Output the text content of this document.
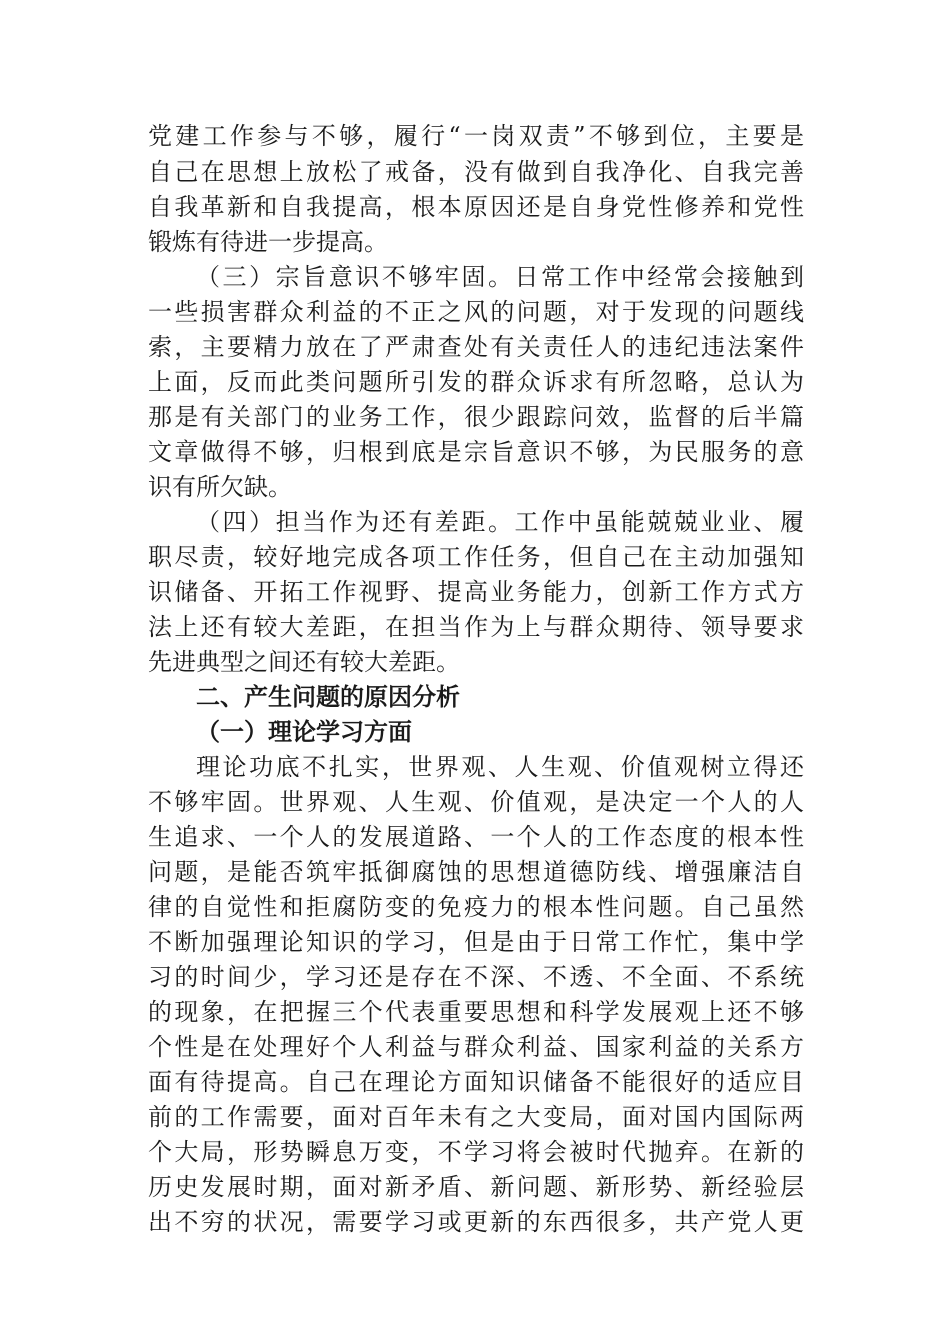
党建工作参与不够，履行“一岗双责”不够到位，主要是
自己在思想上放松了戒备，没有做到自我净化、自我完善
自我革新和自我提高，根本原因还是自身党性修养和党性
锻炼有待进一步提高。
（三）宗旨意识不够牢固。日常工作中经常会接触到
一些损害群众利益的不正之风的问题，对于发现的问题线
索，主要精力放在了严肃查处有关责任人的违纪违法案件
上面，反而此类问题所引发的群众诉求有所忽略，总认为
那是有关部门的业务工作，很少跟踪问效，监督的后半篇
文章做得不够，归根到底是宗旨意识不够，为民服务的意
识有所欠缺。
（四）担当作为还有差距。工作中虽能兢兢业业、履
职尽责，较好地完成各项工作任务，但自己在主动加强知
识储备、开拓工作视野、提高业务能力，创新工作方式方
法上还有较大差距，在担当作为上与群众期待、领导要求
先进典型之间还有较大差距。
二、产生问题的原因分析
（一）理论学习方面
理论功底不扎实，世界观、人生观、价值观树立得还
不够牢固。世界观、人生观、价值观，是决定一个人的人
生追求、一个人的发展道路、一个人的工作态度的根本性
问题，是能否筑牢抵御腐蚀的思想道德防线、增强廉洁自
律的自觉性和拒腐防变的免疫力的根本性问题。自己虽然
不断加强理论知识的学习，但是由于日常工作忙，集中学
习的时间少，学习还是存在不深、不透、不全面、不系统
的现象，在把握三个代表重要思想和科学发展观上还不够
个性是在处理好个人利益与群众利益、国家利益的关系方
面有待提高。自己在理论方面知识储备不能很好的适应目
前的工作需要，面对百年未有之大变局，面对国内国际两
个大局，形势瞬息万变，不学习将会被时代抛弃。在新的
历史发展时期，面对新矛盾、新问题、新形势、新经验层
出不穷的状况，需要学习或更新的东西很多，共产党人更
